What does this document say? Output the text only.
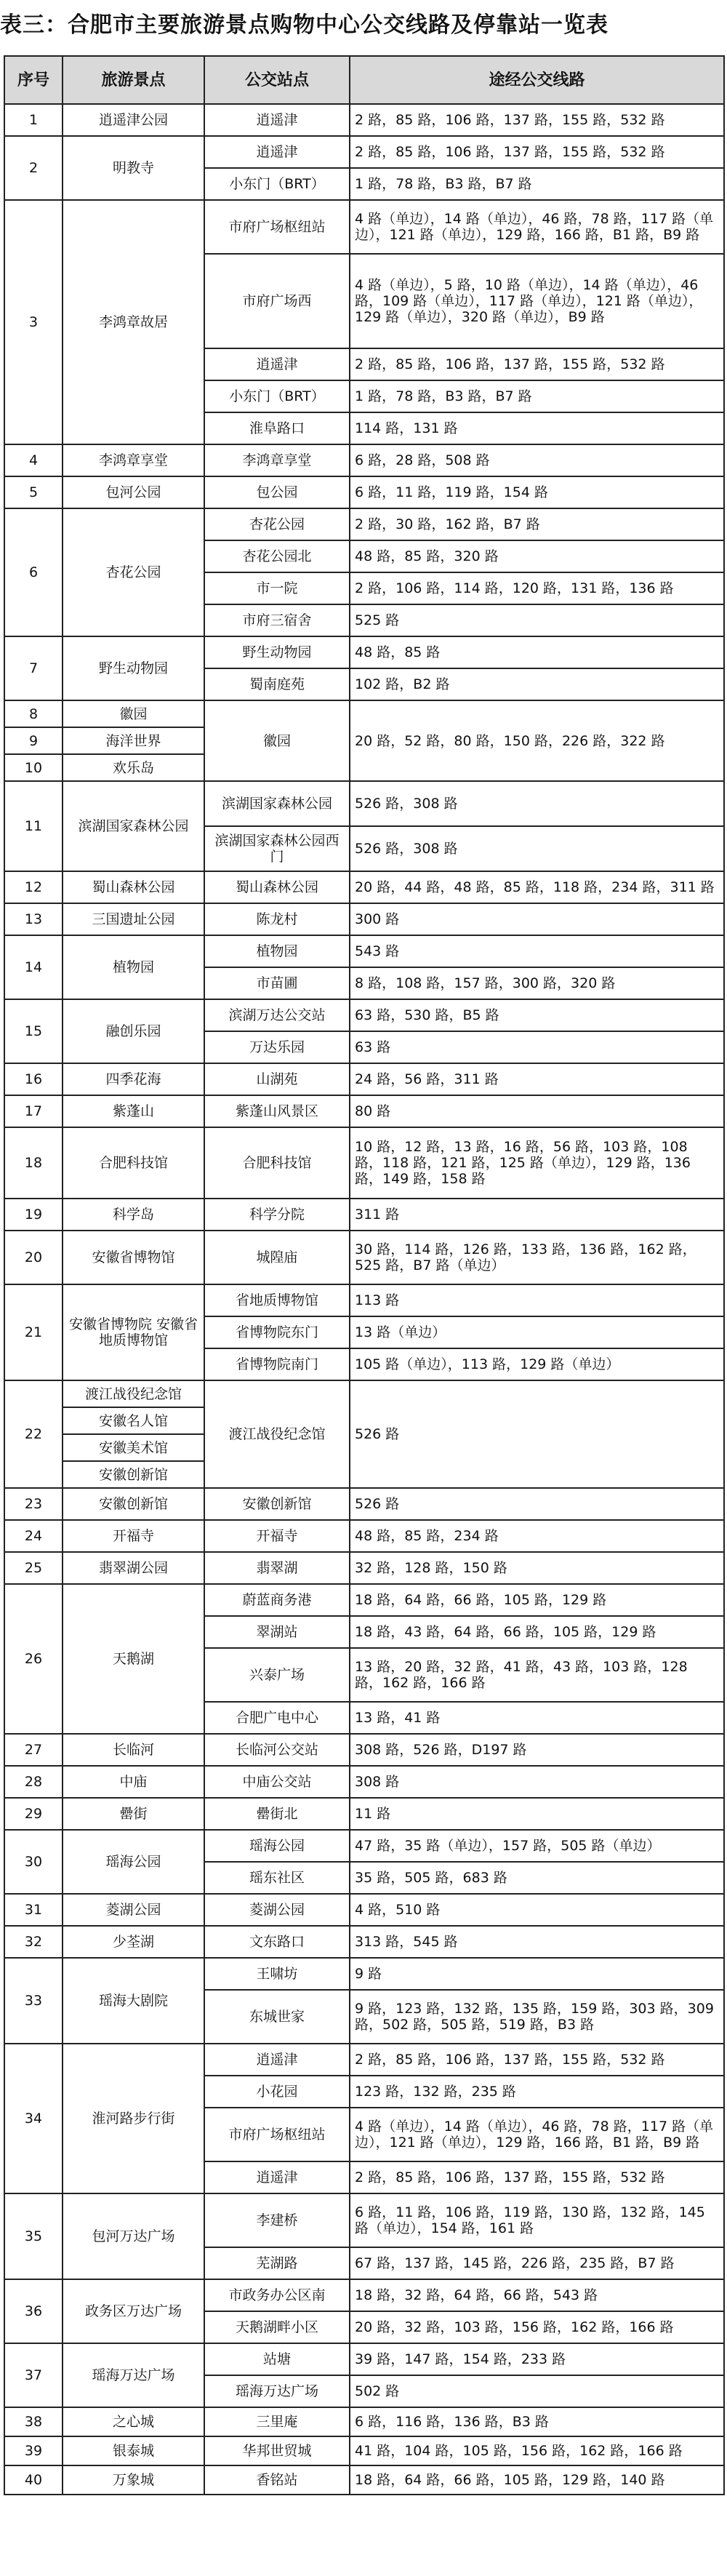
表三：合肥市主要旅游景点购物中心公交线路及停靠站一览表
序号	旅游景点	公交站点	途经公交线路
1	逍遥津公园	逍遥津	2 路，85 路，106 路，137 路，155 路，532 路
2	明教寺	逍遥津	2 路，85 路，106 路，137 路，155 路，532 路
		小东门（BRT）	1 路，78 路，B3 路，B7 路
3	李鸿章故居	市府广场枢纽站	4 路（单边），14 路（单边），46 路，78 路，117 路（单边），121 路（单边），129 路，166 路，B1 路，B9 路
		市府广场西	4 路（单边），5 路，10 路（单边），14 路（单边），46 路，109 路（单边），117 路（单边），121 路（单边），129 路（单边），320 路（单边），B9 路
		逍遥津	2 路，85 路，106 路，137 路，155 路，532 路
		小东门（BRT）	1 路，78 路，B3 路，B7 路
		淮阜路口	114 路，131 路
4	李鸿章享堂	李鸿章享堂	6 路，28 路，508 路
5	包河公园	包公园	6 路，11 路，119 路，154 路
6	杏花公园	杏花公园	2 路，30 路，162 路，B7 路
		杏花公园北	48 路，85 路，320 路
		市一院	2 路，106 路，114 路，120 路，131 路，136 路
		市府三宿舍	525 路
7	野生动物园	野生动物园	48 路，85 路
		蜀南庭苑	102 路，B2 路
8	徽园	徽园	20 路，52 路，80 路，150 路，226 路，322 路
9	海洋世界		
10	欢乐岛		
11	滨湖国家森林公园	滨湖国家森林公园	526 路，308 路
		滨湖国家森林公园西门	526 路，308 路
12	蜀山森林公园	蜀山森林公园	20 路，44 路，48 路，85 路，118 路，234 路，311 路
13	三国遗址公园	陈龙村	300 路
14	植物园	植物园	543 路
		市苗圃	8 路，108 路，157 路，300 路，320 路
15	融创乐园	滨湖万达公交站	63 路，530 路，B5 路
		万达乐园	63 路
16	四季花海	山湖苑	24 路，56 路，311 路
17	紫蓬山	紫蓬山风景区	80 路
18	合肥科技馆	合肥科技馆	10 路，12 路，13 路，16 路，56 路，103 路，108 路，118 路，121 路，125 路（单边），129 路，136 路，149 路，158 路
19	科学岛	科学分院	311 路
20	安徽省博物馆	城隍庙	30 路，114 路，126 路，133 路，136 路，162 路，525 路，B7 路（单边）
21	安徽省博物院 安徽省地质博物馆	省地质博物馆	113 路
		省博物院东门	13 路（单边）
		省博物院南门	105 路（单边），113 路，129 路（单边）
22	渡江战役纪念馆	渡江战役纪念馆	526 路
	安徽名人馆		
	安徽美术馆		
	安徽创新馆		
23	安徽创新馆	安徽创新馆	526 路
24	开福寺	开福寺	48 路，85 路，234 路
25	翡翠湖公园	翡翠湖	32 路，128 路，150 路
26	天鹅湖	蔚蓝商务港	18 路，64 路，66 路，105 路，129 路
		翠湖站	18 路，43 路，64 路，66 路，105 路，129 路
		兴泰广场	13 路，20 路，32 路，41 路，43 路，103 路，128 路，162 路，166 路
		合肥广电中心	13 路，41 路
27	长临河	长临河公交站	308 路，526 路，D197 路
28	中庙	中庙公交站	308 路
29	罍街	罍街北	11 路
30	瑶海公园	瑶海公园	47 路，35 路（单边），157 路，505 路（单边）
		瑶东社区	35 路，505 路，683 路
31	菱湖公园	菱湖公园	4 路，510 路
32	少荃湖	文东路口	313 路，545 路
33	瑶海大剧院	王啸坊	9 路
		东城世家	9 路，123 路，132 路，135 路，159 路，303 路，309 路，502 路，505 路，519 路，B3 路
34	淮河路步行街	逍遥津	2 路，85 路，106 路，137 路，155 路，532 路
		小花园	123 路，132 路，235 路
		市府广场枢纽站	4 路（单边），14 路（单边），46 路，78 路，117 路（单边），121 路（单边），129 路，166 路，B1 路，B9 路
		逍遥津	2 路，85 路，106 路，137 路，155 路，532 路
35	包河万达广场	李建桥	6 路，11 路，106 路，119 路，130 路，132 路，145 路（单边），154 路，161 路
		芜湖路	67 路，137 路，145 路，226 路，235 路，B7 路
36	政务区万达广场	市政务办公区南	18 路，32 路，64 路，66 路，543 路
		天鹅湖畔小区	20 路，32 路，103 路，156 路，162 路，166 路
37	瑶海万达广场	站塘	39 路，147 路，154 路，233 路
		瑶海万达广场	502 路
38	之心城	三里庵	6 路，116 路，136 路，B3 路
39	银泰城	华邦世贸城	41 路，104 路，105 路，156 路，162 路，166 路
40	万象城	香铭站	18 路，64 路，66 路，105 路，129 路，140 路
